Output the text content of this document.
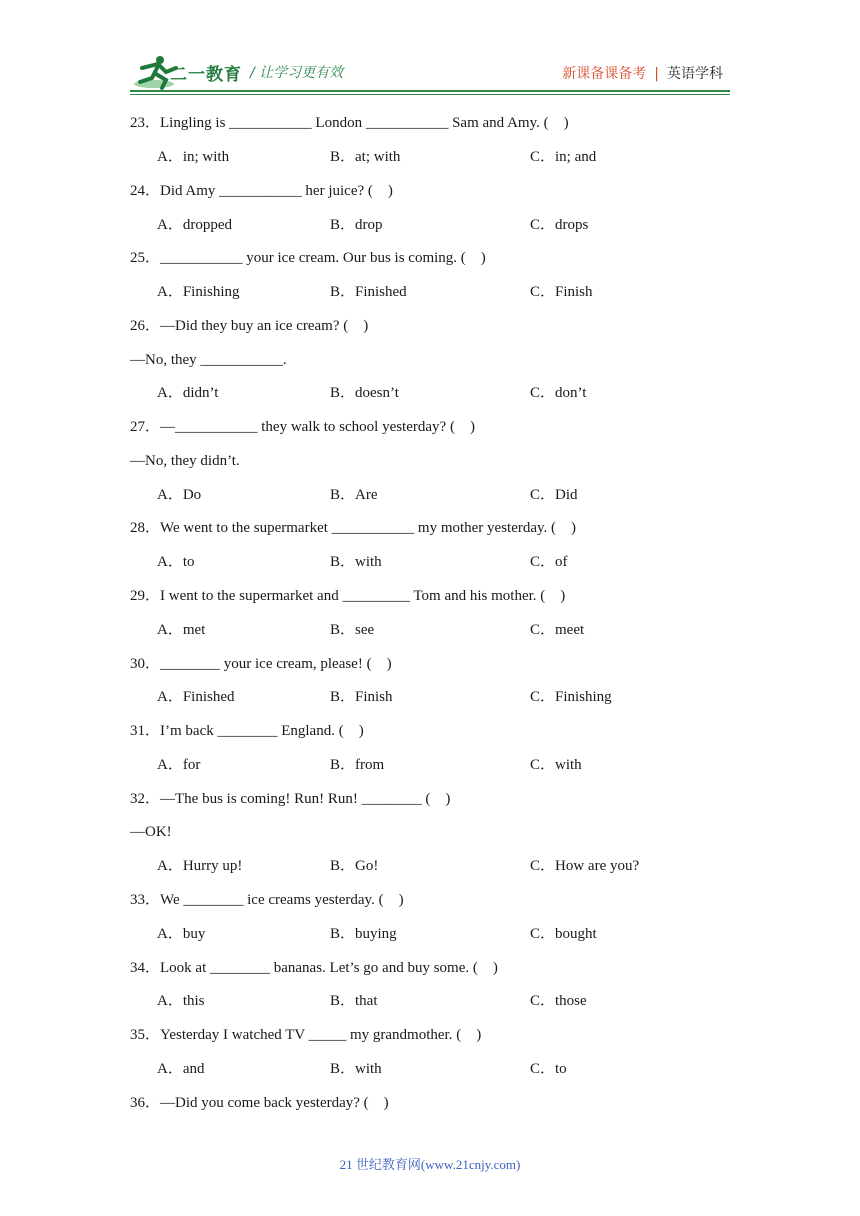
二一教育 / 让学习更有效	新课备课备考 | 英语学科
23．Lingling is ___________ London ___________ Sam and Amy. (    )
A．in; with	B．at; with	C．in; and
24．Did Amy ___________ her juice? (    )
A．dropped	B．drop	C．drops
25．___________ your ice cream. Our bus is coming. (    )
A．Finishing	B．Finished	C．Finish
26．—Did they buy an ice cream? (    )
—No, they ___________.
A．didn’t	B．doesn’t	C．don’t
27．—___________ they walk to school yesterday? (    )
—No, they didn’t.
A．Do	B．Are	C．Did
28．We went to the supermarket ___________ my mother yesterday. (    )
A．to	B．with	C．of
29．I went to the supermarket and _________ Tom and his mother. (    )
A．met	B．see	C．meet
30．________ your ice cream, please! (    )
A．Finished	B．Finish	C．Finishing
31．I’m back ________ England. (    )
A．for	B．from	C．with
32．—The bus is coming! Run! Run! ________ (    )
—OK!
A．Hurry up!	B．Go!	C．How are you?
33．We ________ ice creams yesterday. (    )
A．buy	B．buying	C．bought
34．Look at ________ bananas. Let’s go and buy some. (    )
A．this	B．that	C．those
35．Yesterday I watched TV _____ my grandmother. (    )
A．and	B．with	C．to
36．—Did you come back yesterday? (    )
21 世纪教育网(www.21cnjy.com)
